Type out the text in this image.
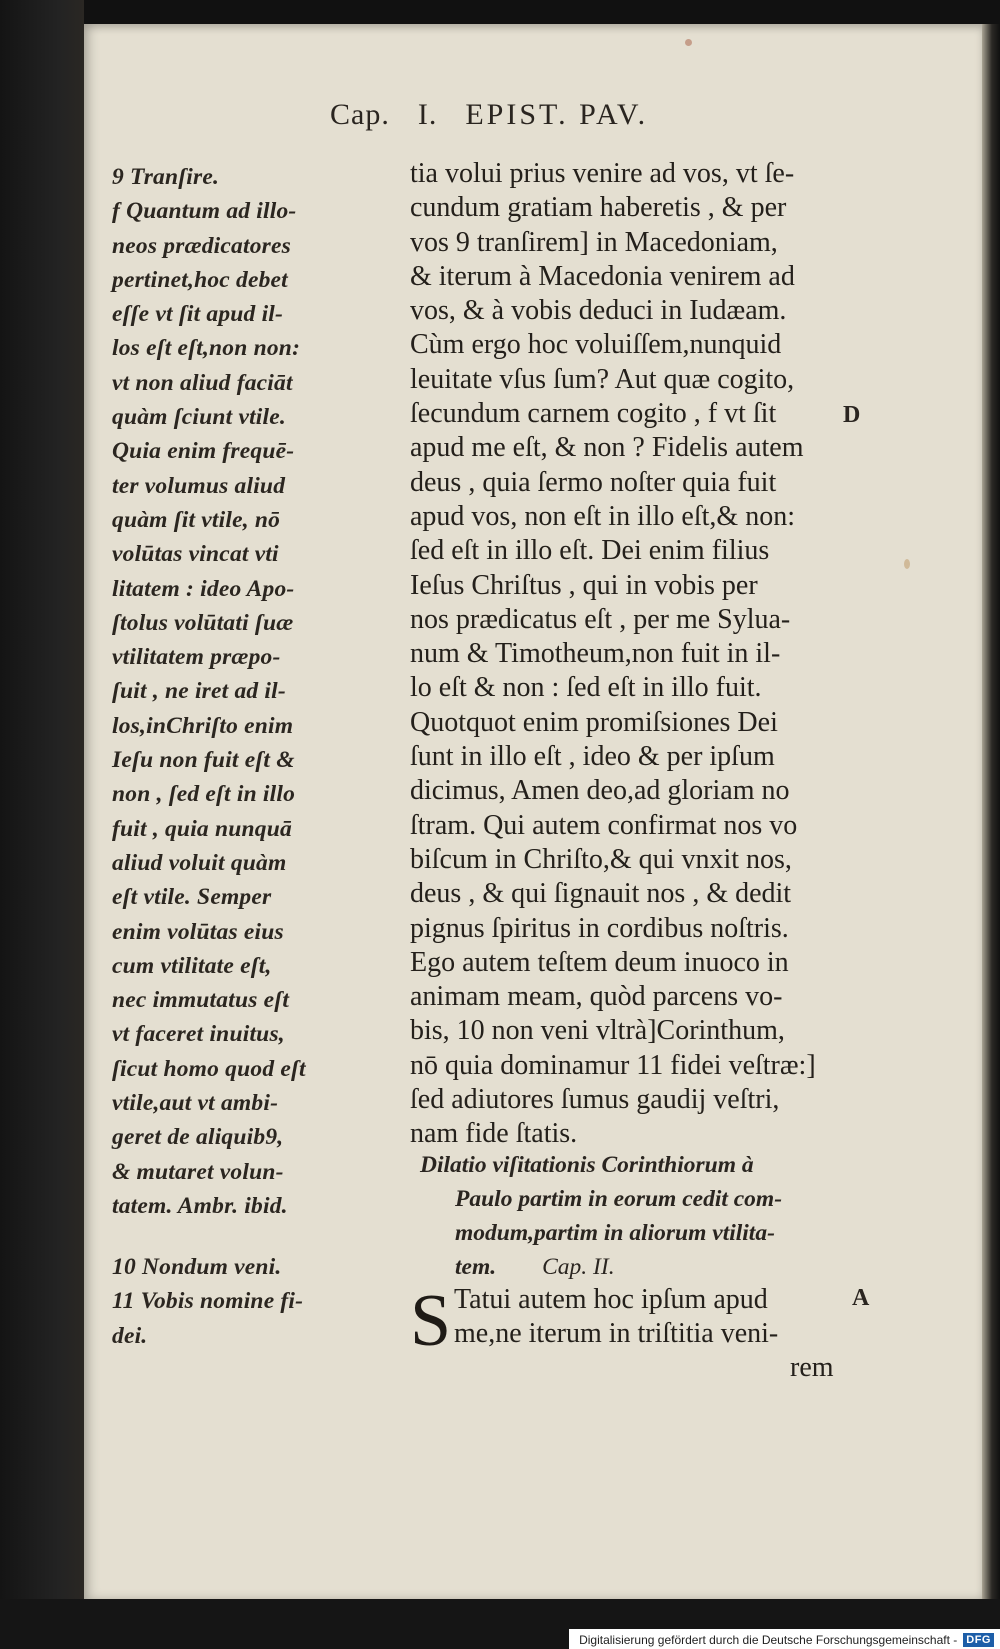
Cap. I. EPIST. PAV.
9 Tranſire.
f Quantum ad illo-
neos prædicatores
pertinet,hoc debet
eſſe vt ſit apud il-
los eſt eſt,non non:
vt non aliud faciāt
quàm ſciunt vtile.
Quia enim frequē-
ter volumus aliud
quàm ſit vtile, nō
volūtas vincat vti
litatem : ideo Apo-
ſtolus volūtati ſuæ
vtilitatem præpo-
ſuit , ne iret ad il-
los,inChriſto enim
Ieſu non fuit eſt &
non , ſed eſt in illo
fuit , quia nunquā
aliud voluit quàm
eſt vtile. Semper
enim volūtas eius
cum vtilitate eſt,
nec immutatus eſt
vt faceret inuitus,
ſicut homo quod eſt
vtile,aut vt ambi-
geret de aliquib9,
& mutaret volun-
tatem. Ambr. ibid.
10 Nondum veni.
11 Vobis nomine fi-
dei.
tia volui prius venire ad vos, vt ſe-
cundum gratiam haberetis , & per
vos 9 tranſirem] in Macedoniam,
& iterum à Macedonia venirem ad
vos, & à vobis deduci in Iudæam.
Cùm ergo hoc voluiſſem,nunquid
leuitate vſus ſum? Aut quæ cogito,
ſecundum carnem cogito , f vt ſit
apud me eſt, & non ? Fidelis autem
deus , quia ſermo noſter quia fuit
apud vos, non eſt in illo eſt,& non:
ſed eſt in illo eſt. Dei enim filius
Ieſus Chriſtus , qui in vobis per
nos prædicatus eſt , per me Sylua-
num & Timotheum,non fuit in il-
lo eſt & non : ſed eſt in illo fuit.
Quotquot enim promiſsiones Dei
ſunt in illo eſt , ideo & per ipſum
dicimus, Amen deo,ad gloriam no
ſtram. Qui autem confirmat nos vo
biſcum in Chriſto,& qui vnxit nos,
deus , & qui ſignauit nos , & dedit
pignus ſpiritus in cordibus noſtris.
Ego autem teſtem deum inuoco in
animam meam, quòd parcens vo-
bis, 10 non veni vltrà]Corinthum,
nō quia dominamur 11 fidei veſtræ:]
ſed adiutores ſumus gaudij veſtri,
nam fide ſtatis.
D
Dilatio viſitationis Corinthiorum à
Paulo partim in eorum cedit com-
modum,partim in aliorum vtilita-
tem. Cap. II.
S Tatui autem hoc ipſum apud
me,ne iterum in triſtitia veni-
rem
A
Digitalisierung gefördert durch die Deutsche Forschungsgemeinschaft - DFG
